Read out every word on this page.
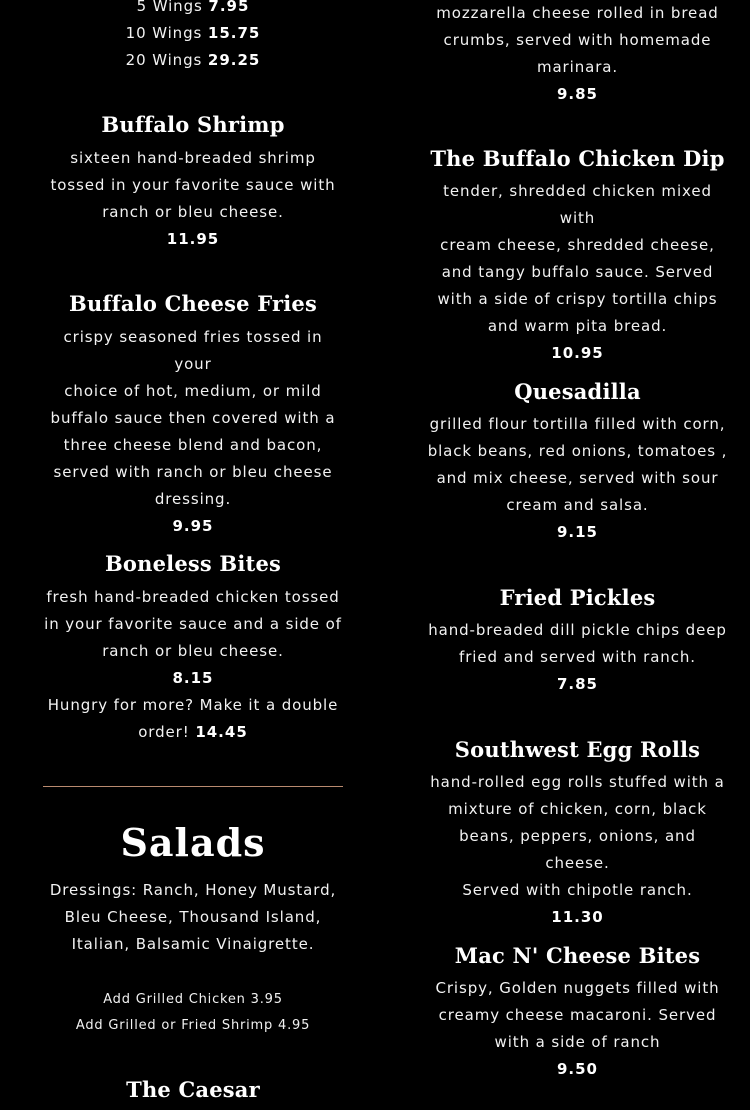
5 Wings 7.95

10 Wings 15.75

20 Wings 29.25

Buffalo Shrimp

sixteen hand-breaded shrimp
tossed in your favorite sauce with
ranch or bleu cheese.

11.95

Buffalo Cheese Fries

crispy seasoned fries tossed in your
choice of hot, medium, or mild
buffalo sauce then covered with a
three cheese blend and bacon,
served with ranch or bleu cheese
dressing.

9.95

Boneless Bites

fresh hand-breaded chicken tossed
in your favorite sauce and a side of
ranch or bleu cheese.

8.15

Hungry for more? Make it a double
order! 14.45

Salads

Dressings: Ranch, Honey Mustard,
Bleu Cheese, Thousand Island,
Italian, Balsamic Vinaigrette.

Add Grilled Chicken 3.95

Add Grilled or Fried Shrimp 4.95

The Caesar

mozzarella cheese rolled in bread
crumbs, served with homemade
marinara.

9.85

The Buffalo Chicken Dip

tender, shredded chicken mixed with
cream cheese, shredded cheese,
and tangy buffalo sauce. Served
with a side of crispy tortilla chips
and warm pita bread.

10.95

Quesadilla

grilled flour tortilla filled with corn,
black beans, red onions, tomatoes ,
and mix cheese, served with sour
cream and salsa.

9.15

Fried Pickles

hand-breaded dill pickle chips deep
fried and served with ranch.

7.85

Southwest Egg Rolls

hand-rolled egg rolls stuffed with a
mixture of chicken, corn, black
beans, peppers, onions, and cheese.
Served with chipotle ranch.

11.30

Mac N' Cheese Bites

Crispy, Golden nuggets filled with
creamy cheese macaroni. Served
with a side of ranch

9.50
